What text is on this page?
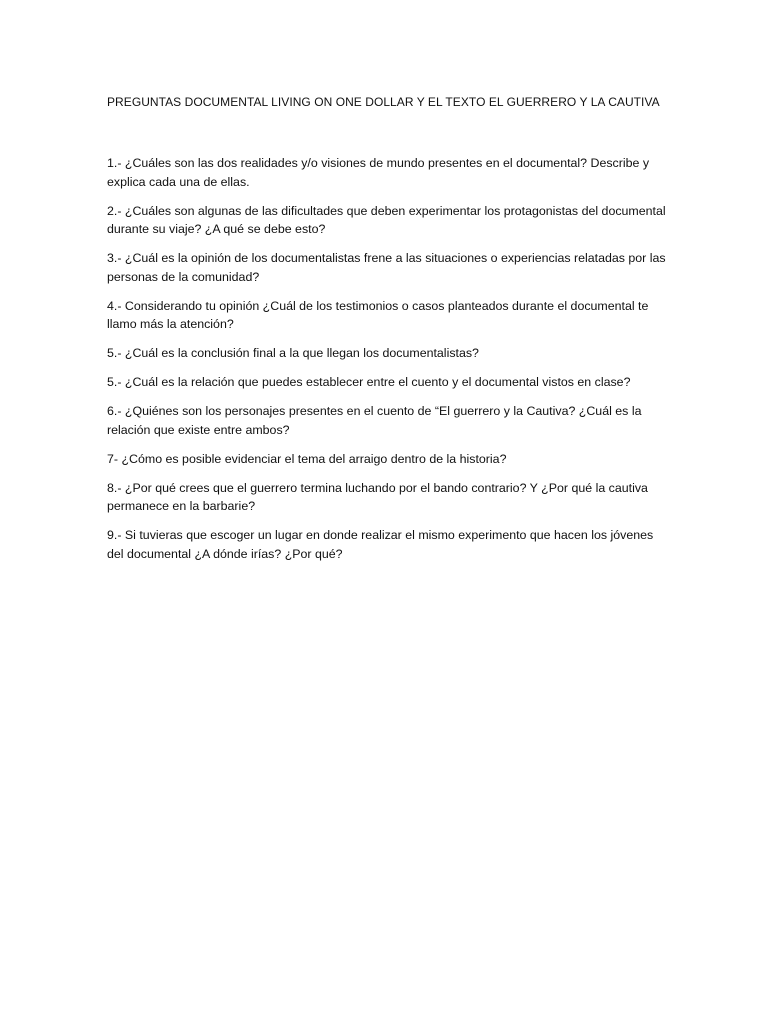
PREGUNTAS DOCUMENTAL LIVING ON ONE DOLLAR Y EL TEXTO EL GUERRERO Y LA CAUTIVA

1.- ¿Cuáles son las dos realidades y/o visiones de mundo presentes en el documental? Describe y explica cada una de ellas.

2.- ¿Cuáles son algunas de las dificultades que deben experimentar los protagonistas del documental durante su viaje? ¿A qué se debe esto?

3.- ¿Cuál es la opinión de los documentalistas frene a las situaciones o experiencias relatadas por las personas de la comunidad?

4.- Considerando tu opinión ¿Cuál de los testimonios o casos planteados durante el documental te llamo más la atención?

5.- ¿Cuál es la conclusión final a la que llegan los documentalistas?

5.- ¿Cuál es la relación que puedes establecer entre el cuento y el documental vistos en clase?

6.- ¿Quiénes son los personajes presentes en el cuento de “El guerrero y la Cautiva? ¿Cuál es la relación que existe entre ambos?

7- ¿Cómo es posible evidenciar el tema del arraigo dentro de la historia?

8.- ¿Por qué crees que el guerrero termina luchando por el bando contrario? Y ¿Por qué la cautiva permanece en la barbarie?

9.- Si tuvieras que escoger un lugar en donde realizar el mismo experimento que hacen los jóvenes del documental ¿A dónde irías? ¿Por qué?
